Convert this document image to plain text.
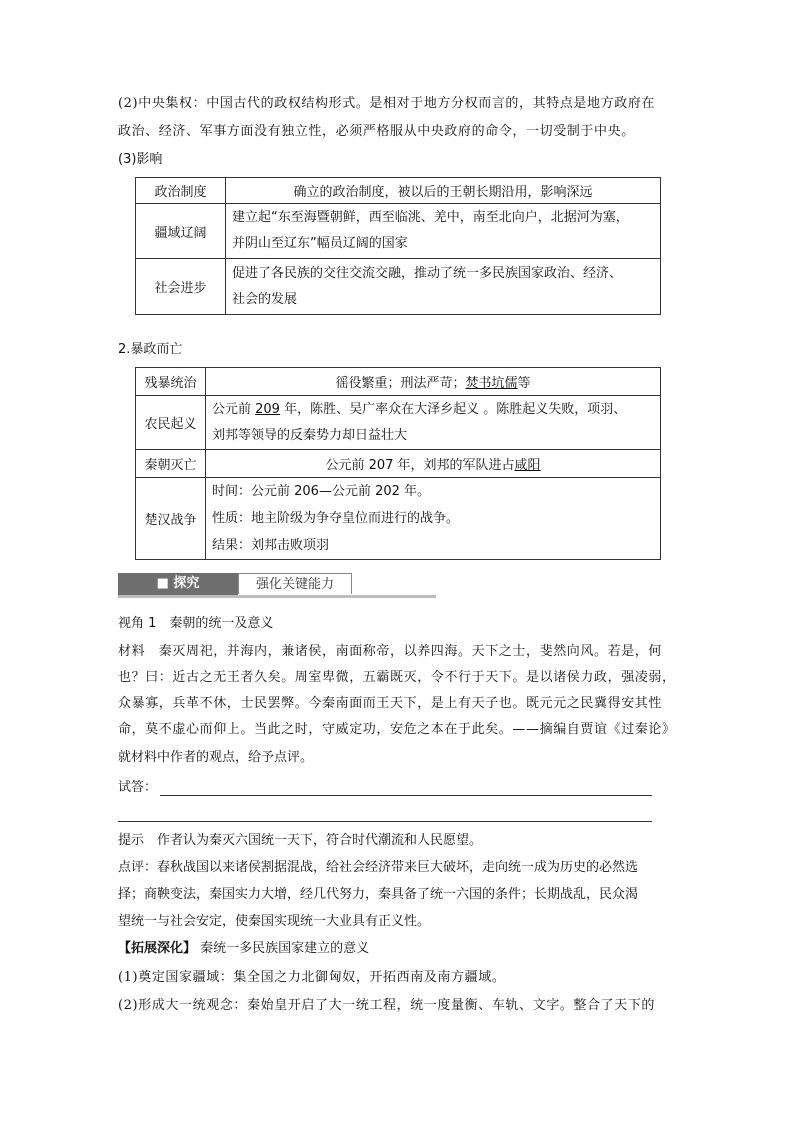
(2)中央集权：中国古代的政权结构形式。是相对于地方分权而言的，其特点是地方政府在
政治、经济、军事方面没有独立性，必须严格服从中央政府的命令，一切受制于中央。
(3)影响
政治制度	确立的政治制度，被以后的王朝长期沿用，影响深远
疆域辽阔	建立起“东至海暨朝鲜，西至临洮、羌中，南至北向户，北据河为塞，
并阴山至辽东”幅员辽阔的国家

社会进步	促进了各民族的交往交流交融，推动了统一多民族国家政治、经济、
社会的发展
2.暴政而亡
残暴统治	徭役繁重；刑法严苛；焚书坑儒等
农民起义	公元前 209 年，陈胜、吴广率众在大泽乡起义 。陈胜起义失败，项羽、
刘邦等领导的反秦势力却日益壮大

秦朝灭亡	公元前 207 年，刘邦的军队进占咸阳
楚汉战争	时间：公元前 206—公元前 202 年。
性质：地主阶级为争夺皇位而进行的战争。
结果：刘邦击败项羽
■ 探究	强化关键能力
视角 1　秦朝的统一及意义
材料　秦灭周祀，并海内，兼诸侯，南面称帝，以养四海。天下之士，斐然向风。若是，何
也？曰：近古之无王者久矣。周室卑微，五霸既灭，令不行于天下。是以诸侯力政，强凌弱，
众暴寡，兵革不休，士民罢弊。今秦南面而王天下，是上有天子也。既元元之民冀得安其性
命，莫不虚心而仰上。当此之时，守威定功，安危之本在于此矣。——摘编自贾谊《过秦论》
就材料中作者的观点，给予点评。
试答：
提示　作者认为秦灭六国统一天下，符合时代潮流和人民愿望。
点评：春秋战国以来诸侯割据混战，给社会经济带来巨大破坏，走向统一成为历史的必然选
择；商鞅变法，秦国实力大增，经几代努力，秦具备了统一六国的条件；长期战乱，民众渴
望统一与社会安定，使秦国实现统一大业具有正义性。
【拓展深化】 秦统一多民族国家建立的意义
(1)奠定国家疆域：集全国之力北御匈奴，开拓西南及南方疆域。
(2)形成大一统观念：秦始皇开启了大一统工程，统一度量衡、车轨、文字。整合了天下的
